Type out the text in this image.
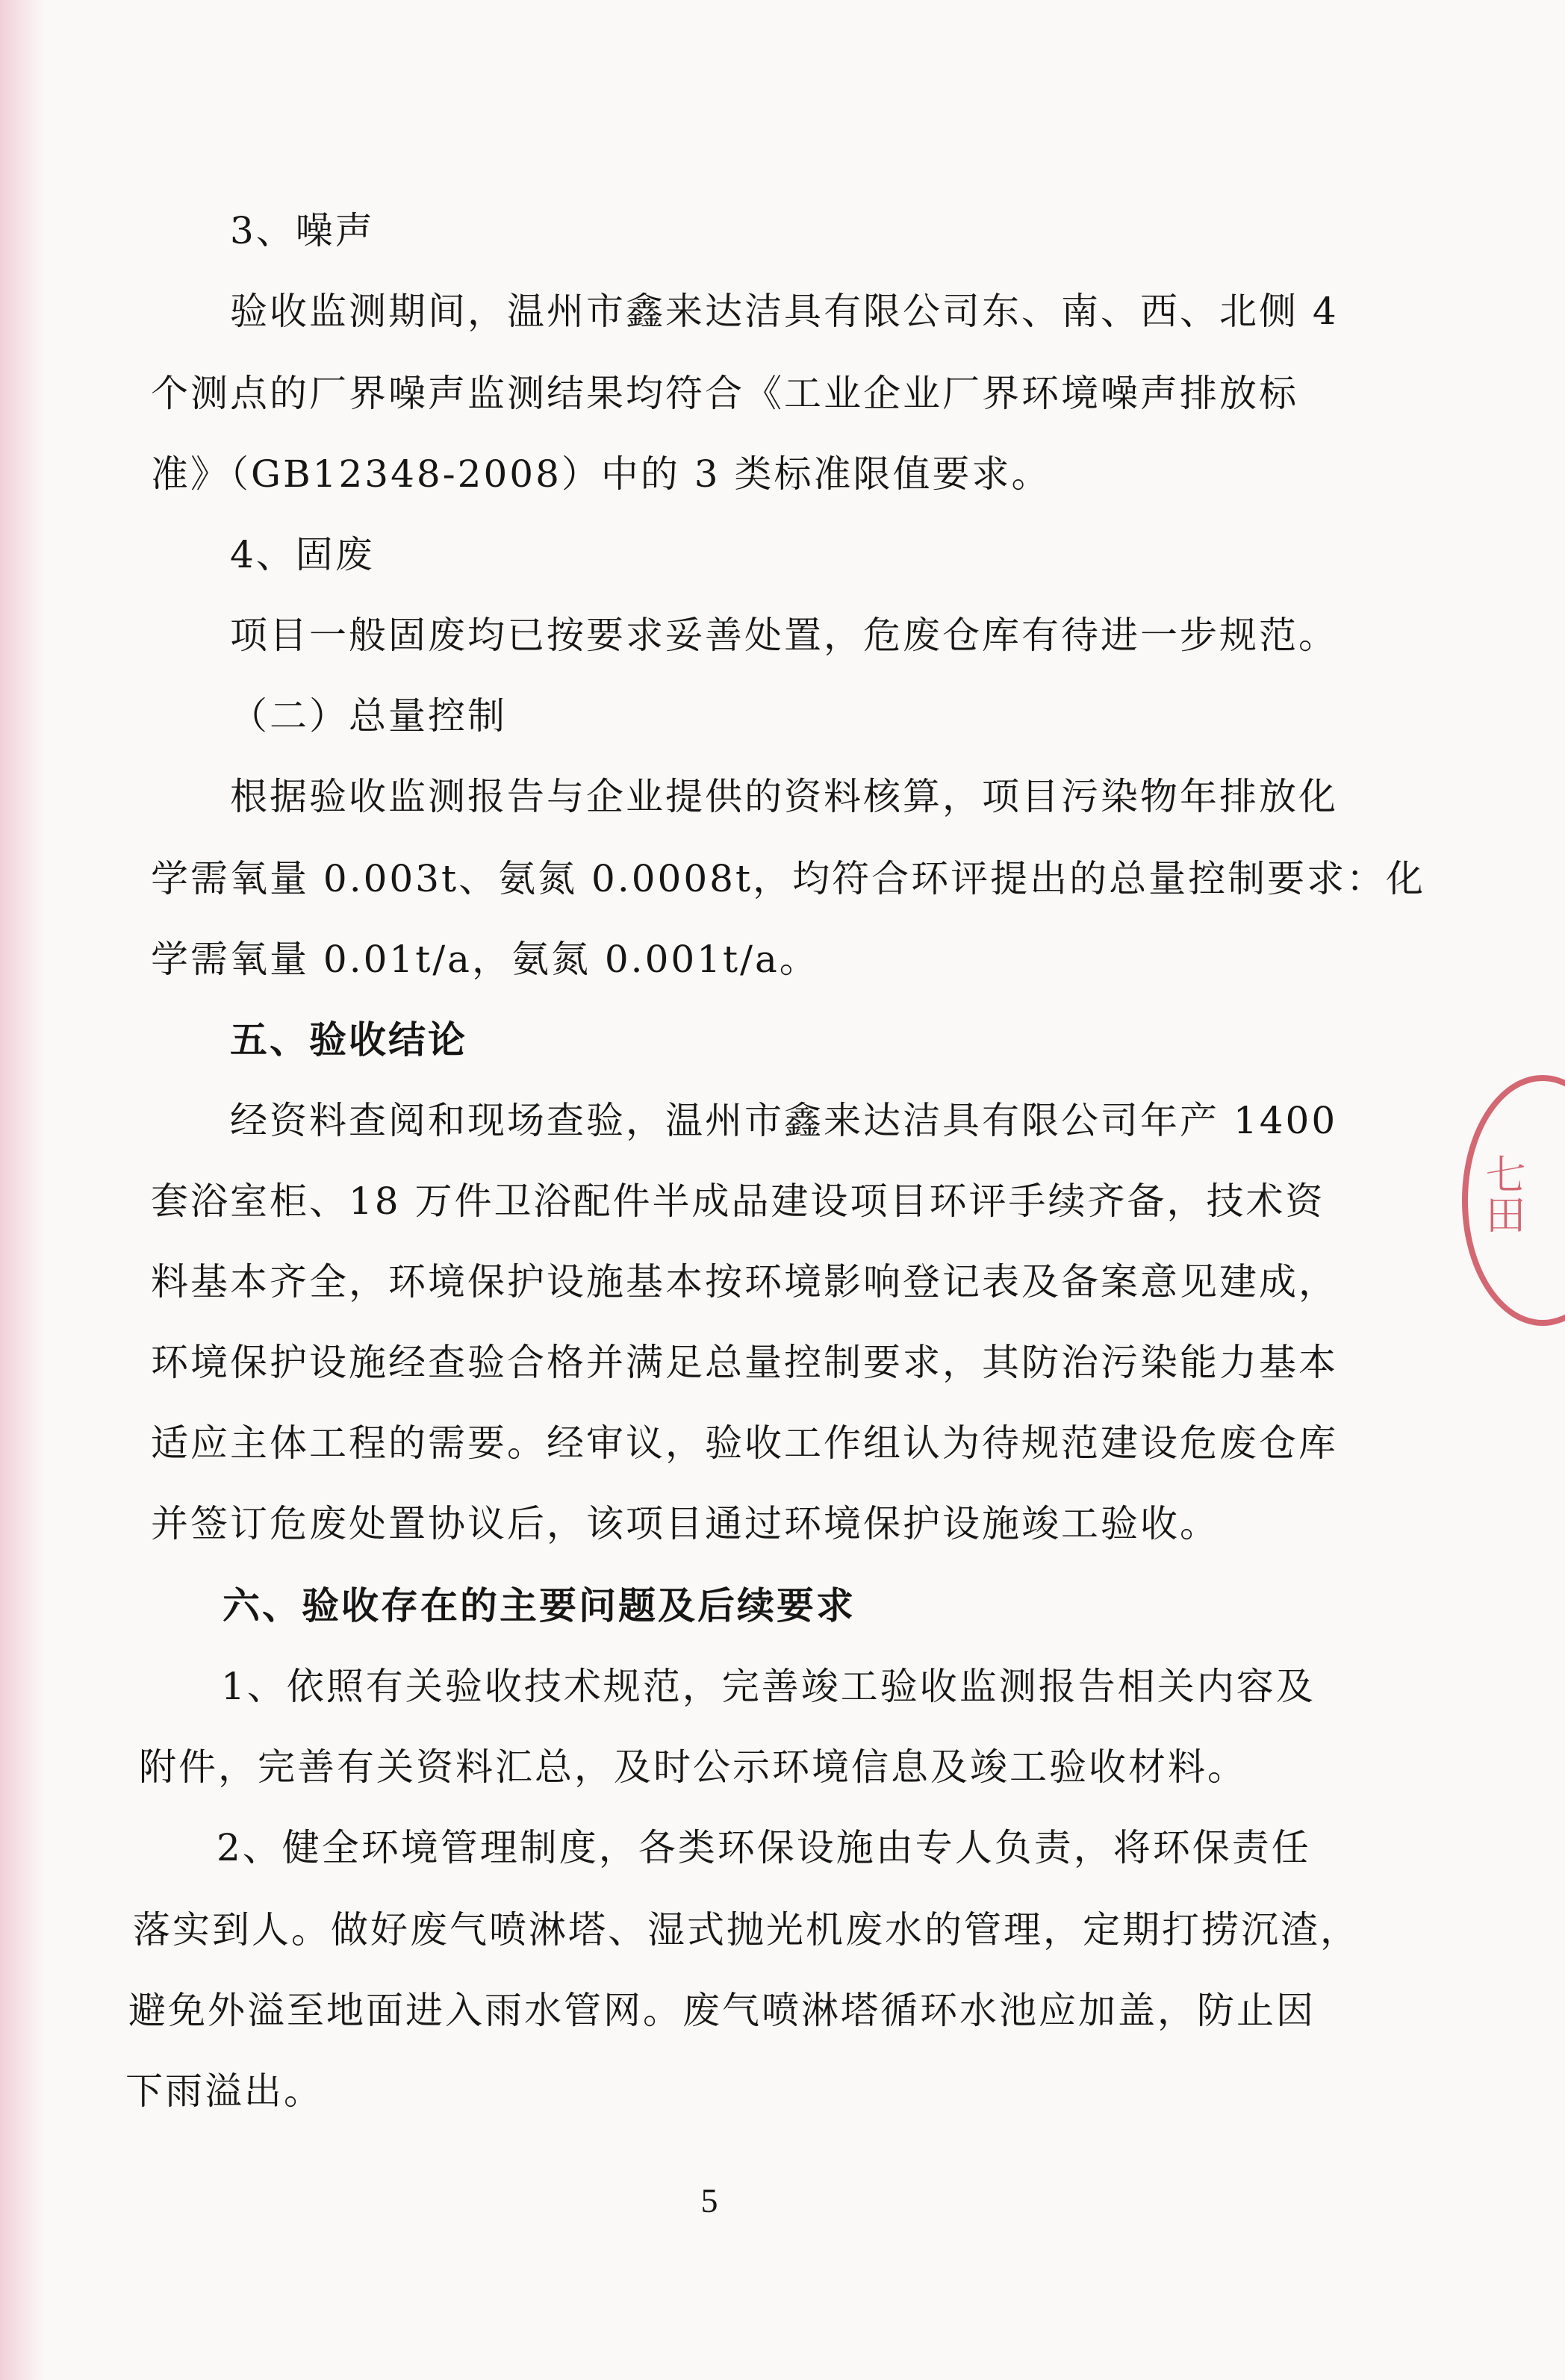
3、噪声
验收监测期间，温州市鑫来达洁具有限公司东、南、西、北侧 4
个测点的厂界噪声监测结果均符合《工业企业厂界环境噪声排放标
准》（GB12348-2008）中的 3 类标准限值要求。
4、固废
项目一般固废均已按要求妥善处置，危废仓库有待进一步规范。
（二）总量控制
根据验收监测报告与企业提供的资料核算，项目污染物年排放化
学需氧量 0.003t、氨氮 0.0008t，均符合环评提出的总量控制要求：化
学需氧量 0.01t/a，氨氮 0.001t/a。
五、验收结论
经资料查阅和现场查验，温州市鑫来达洁具有限公司年产 1400
套浴室柜、18 万件卫浴配件半成品建设项目环评手续齐备，技术资
料基本齐全，环境保护设施基本按环境影响登记表及备案意见建成，
环境保护设施经查验合格并满足总量控制要求，其防治污染能力基本
适应主体工程的需要。经审议，验收工作组认为待规范建设危废仓库
并签订危废处置协议后，该项目通过环境保护设施竣工验收。
六、验收存在的主要问题及后续要求
1、依照有关验收技术规范，完善竣工验收监测报告相关内容及
附件，完善有关资料汇总，及时公示环境信息及竣工验收材料。
2、健全环境管理制度，各类环保设施由专人负责，将环保责任
落实到人。做好废气喷淋塔、湿式抛光机废水的管理，定期打捞沉渣，
避免外溢至地面进入雨水管网。废气喷淋塔循环水池应加盖，防止因
下雨溢出。
5
七田
